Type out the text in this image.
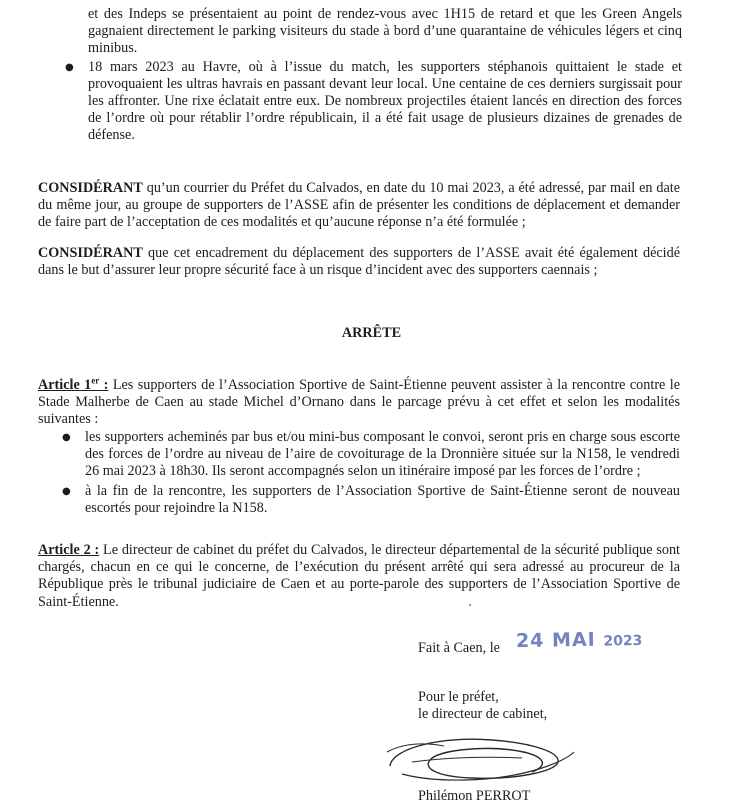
et des Indeps se présentaient au point de rendez-vous avec 1H15 de retard et que les Green Angels gagnaient directement le parking visiteurs du stade à bord d’une quarantaine de véhicules légers et cinq minibus.

● 18 mars 2023 au Havre, où à l’issue du match, les supporters stéphanois quittaient le stade et provoquaient les ultras havrais en passant devant leur local. Une centaine de ces derniers surgissait pour les affronter. Une rixe éclatait entre eux. De nombreux projectiles étaient lancés en direction des forces de l’ordre où pour rétablir l’ordre républicain, il a été fait usage de plusieurs dizaines de grenades de défense.

CONSIDÉRANT qu’un courrier du Préfet du Calvados, en date du 10 mai 2023, a été adressé, par mail en date du même jour, au groupe de supporters de l’ASSE afin de présenter les conditions de déplacement et demander de faire part de l’acceptation de ces modalités et qu’aucune réponse n’a été formulée ;

CONSIDÉRANT que cet encadrement du déplacement des supporters de l’ASSE avait été également décidé dans le but d’assurer leur propre sécurité face à un risque d’incident avec des supporters caennais ;

ARRÊTE

Article 1er : Les supporters de l’Association Sportive de Saint-Étienne peuvent assister à la rencontre contre le Stade Malherbe de Caen au stade Michel d’Ornano dans le parcage prévu à cet effet et selon les modalités suivantes :

● les supporters acheminés par bus et/ou mini-bus composant le convoi, seront pris en charge sous escorte des forces de l’ordre au niveau de l’aire de covoiturage de la Dronnière située sur la N158, le vendredi 26 mai 2023 à 18h30. Ils seront accompagnés selon un itinéraire imposé par les forces de l’ordre ;

● à la fin de la rencontre, les supporters de l’Association Sportive de Saint-Étienne seront de nouveau escortés pour rejoindre la N158.

Article 2 : Le directeur de cabinet du préfet du Calvados, le directeur départemental de la sécurité publique sont chargés, chacun en ce qui le concerne, de l’exécution du présent arrêté qui sera adressé au procureur de la République près le tribunal judiciaire de Caen et au porte-parole des supporters de l’Association Sportive de Saint-Étienne.

Fait à Caen, le 24 MAI 2023

Pour le préfet,

le directeur de cabinet,

Philémon PERROT
